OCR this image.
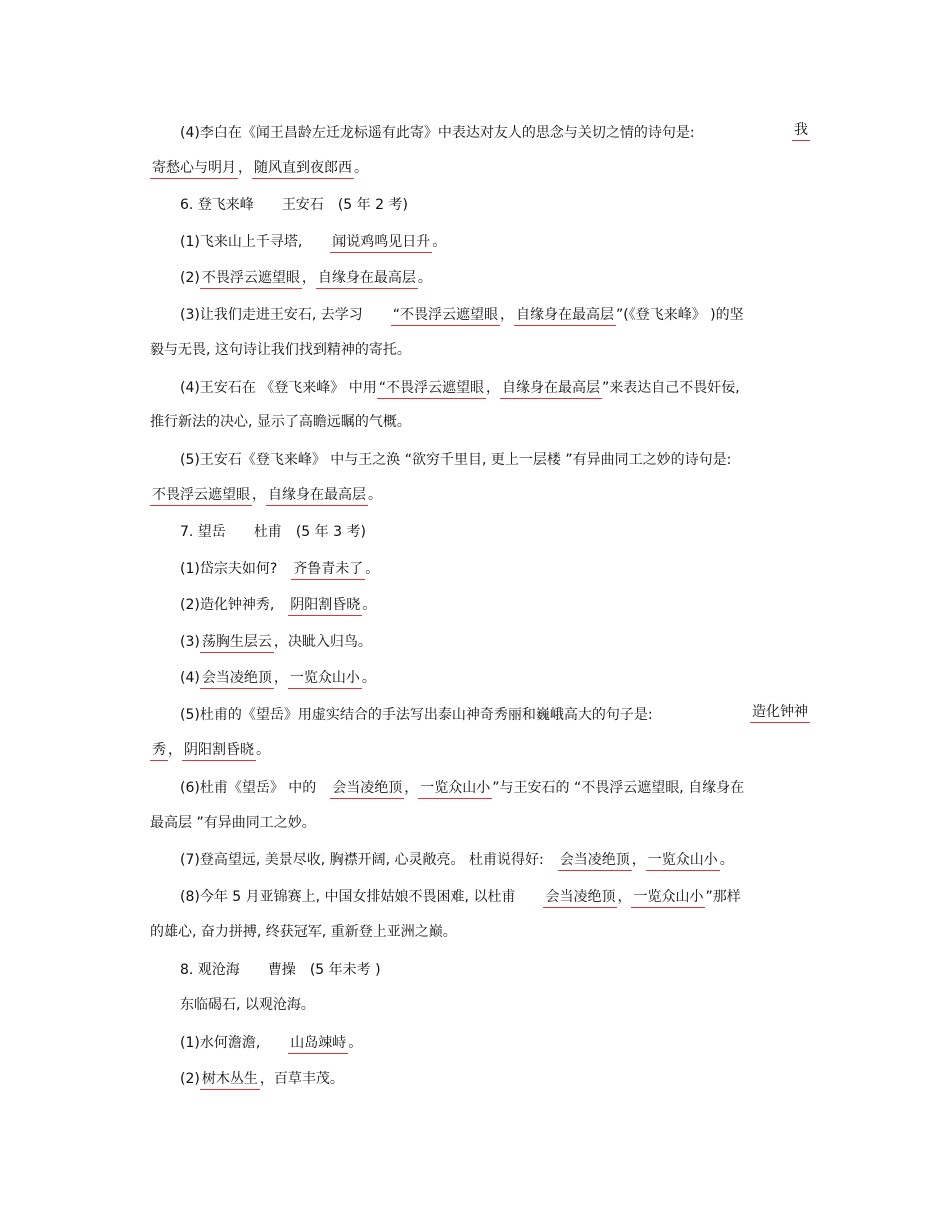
(4)李白在《闻王昌龄左迁龙标遥有此寄》中表达对友人的思念与关切之情的诗句是:	我
寄愁心与明月 ， 随风直到夜郎西 。
6. 登飞来峰 王安石 (5 年 2 考)
(1)飞来山上千寻塔, 闻说鸡鸣见日升 。
(2) 不畏浮云遮望眼 ， 自缘身在最高层 。
(3)让我们走进王安石, 去学习 “不畏浮云遮望眼 ， 自缘身在最高层 ”(《登飞来峰》 )的坚
毅与无畏, 这句诗让我们找到精神的寄托。
(4)王安石在 《登飞来峰》 中用 “不畏浮云遮望眼 ， 自缘身在最高层 ”来表达自己不畏奸佞,
推行新法的决心, 显示了高瞻远瞩的气概。
(5)王安石《登飞来峰》 中与王之涣 “欲穷千里目, 更上一层楼 ”有异曲同工之妙的诗句是:
不畏浮云遮望眼 ， 自缘身在最高层 。
7. 望岳 杜甫 (5 年 3 考)
(1)岱宗夫如何? 齐鲁青未了 。
(2)造化钟神秀, 阴阳割昏晓 。
(3) 荡胸生层云 ，决眦入归鸟。
(4) 会当凌绝顶 ， 一览众山小 。
(5)杜甫的《望岳》用虚实结合的手法写出泰山神奇秀丽和巍峨高大的句子是:	造化钟神
秀 ， 阴阳割昏晓 。
(6)杜甫《望岳》 中的 会当凌绝顶 ， 一览众山小 ”与王安石的 “不畏浮云遮望眼, 自缘身在
最高层 ”有异曲同工之妙。
(7)登高望远, 美景尽收, 胸襟开阔, 心灵敞亮。 杜甫说得好: 会当凌绝顶 ， 一览众山小 。
(8)今年 5 月亚锦赛上, 中国女排姑娘不畏困难, 以杜甫 会当凌绝顶 ， 一览众山小 ”那样
的雄心, 奋力拼搏, 终获冠军, 重新登上亚洲之巅。
8. 观沧海 曹操 (5 年未考 )
东临碣石, 以观沧海。
(1)水何澹澹, 山岛竦峙 。
(2) 树木丛生 ，百草丰茂。
